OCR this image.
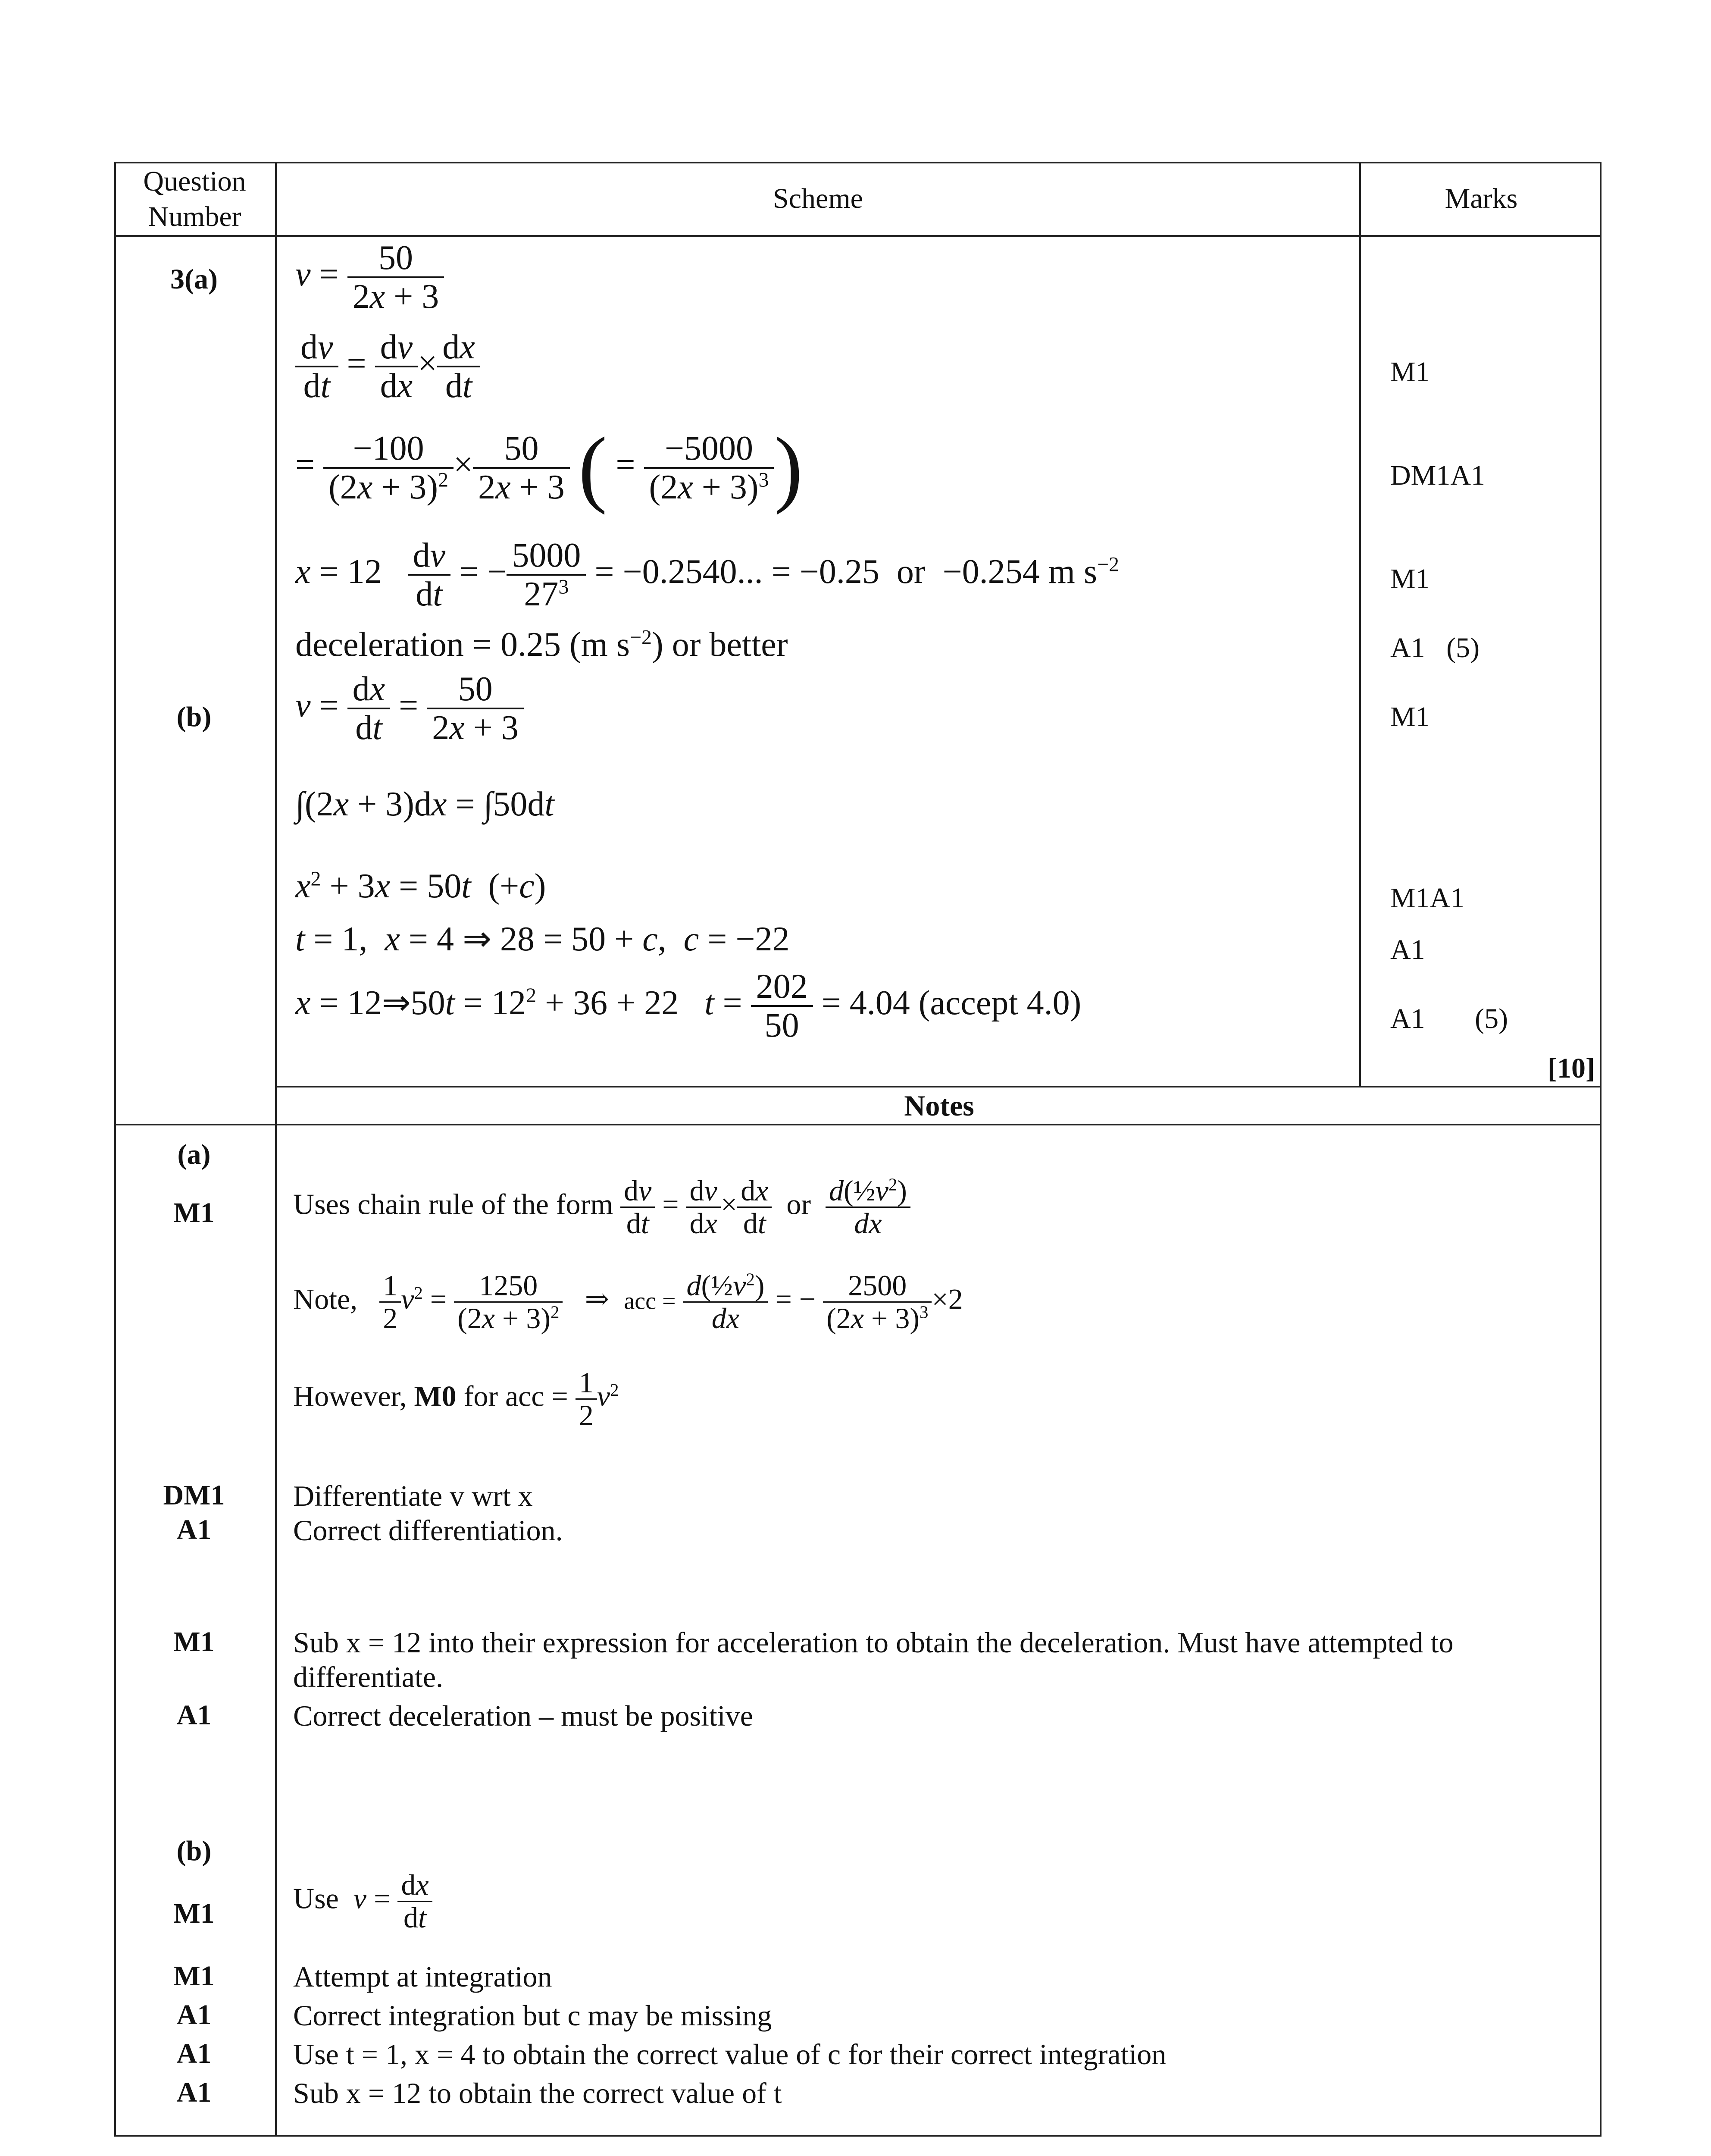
Question Number
Scheme	Marks
3(a)
(b)
$v = \frac{50}{2x + 3}$
$\frac{dv}{dt} = \frac{dv}{dx} \times \frac{dx}{dt}$
= $\frac{-100}{(2x + 3)^2} \times \frac{50}{2x + 3}$ ( = $\frac{-5000}{(2x + 3)^3}$ )
$x = 12 \frac{dv}{dt}$ = − $\frac{5000}{27^3} = -0.2540$... = −0.25  or  −0.254 m $s^{-2}$
deceleration = 0.25 (m $s^{-2}$) or better
$v = \frac{dx}{dt} = \frac{50}{2x + 3}$
∫(2x + 3)dx = ∫50dt
$x^2 + 3x = 50t$  (+c)
t = 1,  x = 4 ⇒ 28 = 50 + c,  c = −22
x = 12⇒50t = $12^2 + 36 + 22$   $t = \frac{202}{50} = 4.04$ (accept 4.0)
M1
DM1A1
M1
A1 (5)
M1
M1A1
A1
A1 (5)
[10]
Notes
(a)
M1
DM1
A1
M1
A1
(b)
M1
M1
A1
A1
A1
Uses chain rule of the form $\frac{dv}{dt} = \frac{dv}{dx} \times \frac{dx}{dt}$ or $\frac{d(\frac{1}{2}v^2)}{dx}$
Note, $\frac{1}{2} v^2 = \frac{1250}{(2x + 3)^2}$ ⇒  acc = $\frac{d(\frac{1}{2}v^2)}{dx}$ = − $\frac{2500}{(2x + 3)^3} \times 2$
However, M0 for acc = $\frac{1}{2} v^2$
Differentiate v wrt x
Correct differentiation.
Sub x = 12 into their expression for acceleration to obtain the deceleration. Must have attempted to
differentiate.
Correct deceleration – must be positive
Use $v = \frac{dx}{dt}$
Attempt at integration
Correct integration but c may be missing
Use t = 1, x = 4 to obtain the correct value of c for their correct integration
Sub x = 12 to obtain the correct value of t
